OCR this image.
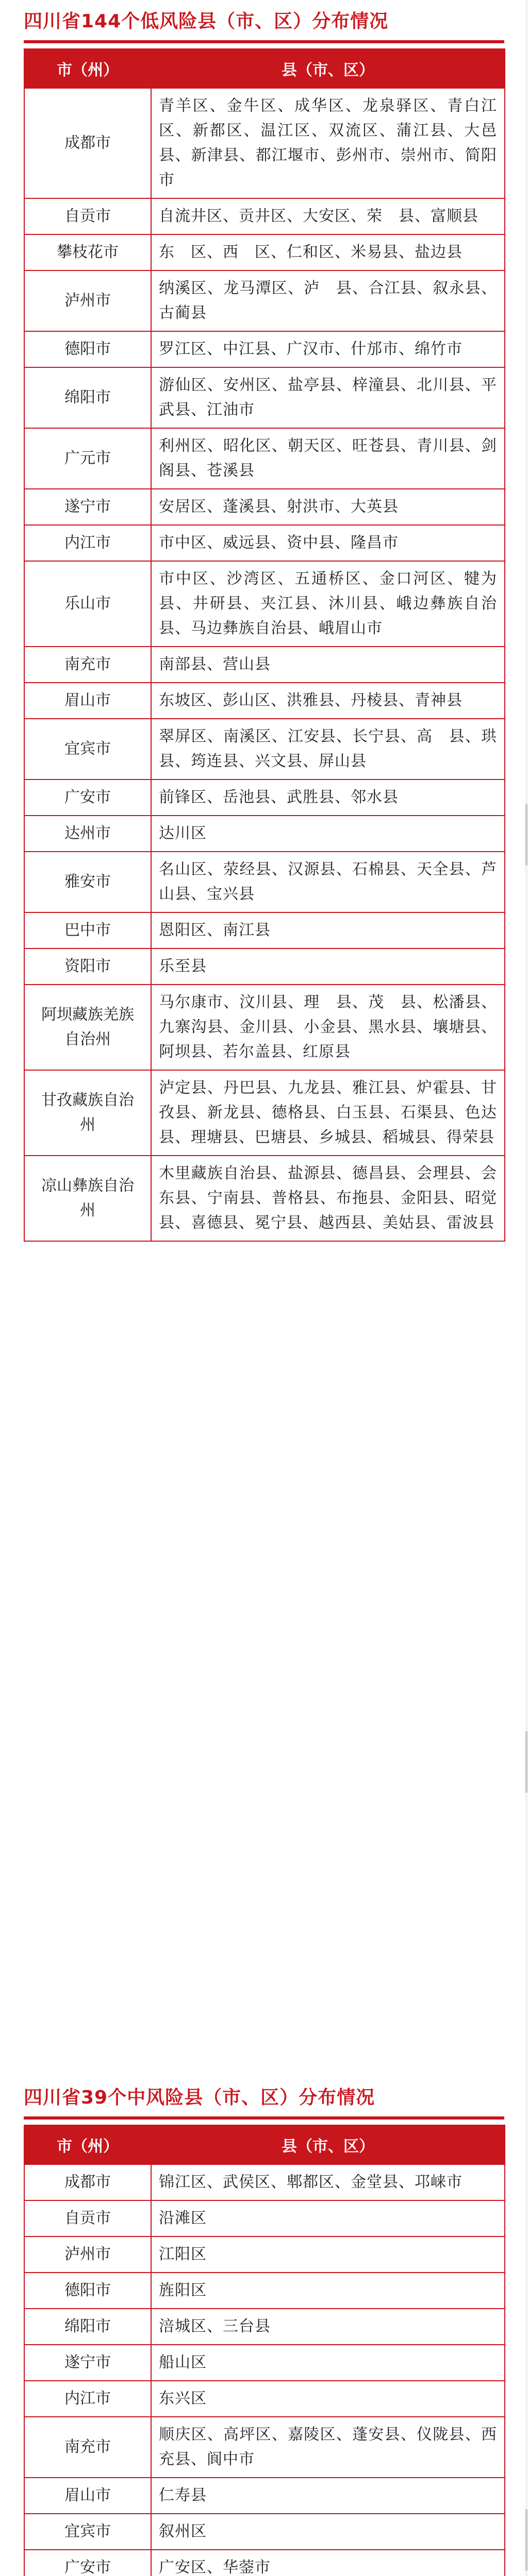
四川省144个低风险县（市、区）分布情况
市（州）	县（市、区）
成都市	青羊区、金牛区、成华区、龙泉驿区、青白江区、新都区、温江区、双流区、蒲江县、大邑县、新津县、都江堰市、彭州市、崇州市、简阳市
自贡市	自流井区、贡井区、大安区、荣　县、富顺县
攀枝花市	东　区、西　区、仁和区、米易县、盐边县
泸州市	纳溪区、龙马潭区、泸　县、合江县、叙永县、古蔺县
德阳市	罗江区、中江县、广汉市、什邡市、绵竹市
绵阳市	游仙区、安州区、盐亭县、梓潼县、北川县、平武县、江油市
广元市	利州区、昭化区、朝天区、旺苍县、青川县、剑阁县、苍溪县
遂宁市	安居区、蓬溪县、射洪市、大英县
内江市	市中区、威远县、资中县、隆昌市
乐山市	市中区、沙湾区、五通桥区、金口河区、犍为县、井研县、夹江县、沐川县、峨边彝族自治县、马边彝族自治县、峨眉山市
南充市	南部县、营山县
眉山市	东坡区、彭山区、洪雅县、丹棱县、青神县
宜宾市	翠屏区、南溪区、江安县、长宁县、高　县、珙　县、筠连县、兴文县、屏山县
广安市	前锋区、岳池县、武胜县、邻水县
达州市	达川区
雅安市	名山区、荥经县、汉源县、石棉县、天全县、芦山县、宝兴县
巴中市	恩阳区、南江县
资阳市	乐至县
阿坝藏族羌族自治州	马尔康市、汶川县、理　县、茂　县、松潘县、九寨沟县、金川县、小金县、黑水县、壤塘县、阿坝县、若尔盖县、红原县
甘孜藏族自治州	泸定县、丹巴县、九龙县、雅江县、炉霍县、甘孜县、新龙县、德格县、白玉县、石渠县、色达县、理塘县、巴塘县、乡城县、稻城县、得荣县
凉山彝族自治州	木里藏族自治县、盐源县、德昌县、会理县、会东县、宁南县、普格县、布拖县、金阳县、昭觉县、喜德县、冕宁县、越西县、美姑县、雷波县
四川省39个中风险县（市、区）分布情况
市（州）	县（市、区）
成都市	锦江区、武侯区、郫都区、金堂县、邛崃市
自贡市	沿滩区
泸州市	江阳区
德阳市	旌阳区
绵阳市	涪城区、三台县
遂宁市	船山区
内江市	东兴区
南充市	顺庆区、高坪区、嘉陵区、蓬安县、仪陇县、西充县、阆中市
眉山市	仁寿县
宜宾市	叙州区
广安市	广安区、华蓥市
